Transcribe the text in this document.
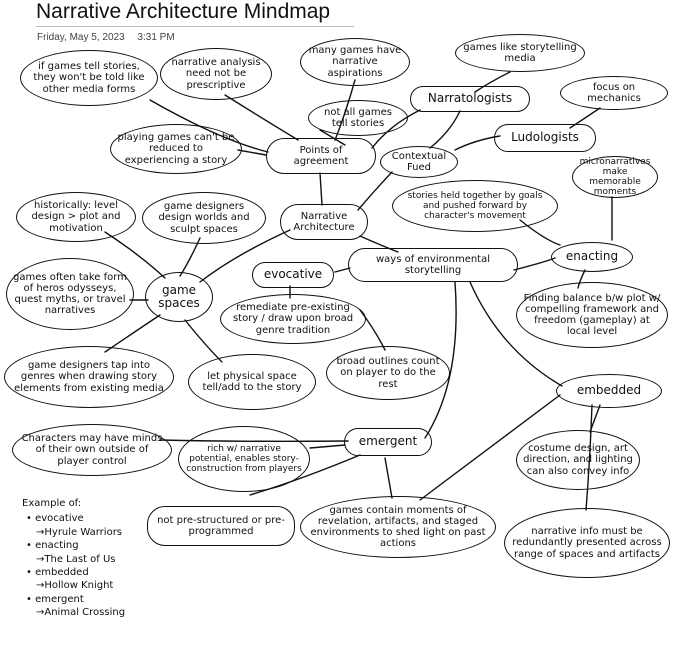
Narrative Architecture Mindmap
Friday, May 5, 2023 3:31 PM
if games tell stories, they won't be told like other media forms
narrative analysis need not be prescriptive
many games have narrative aspirations
not all games tell stories
games like storytelling media
Narratologists
focus on mechanics
Ludologists
playing games can't be reduced to experiencing a story
Points of agreement	Contextual Fued
micronarratives make memorable moments
historically: level design > plot and motivation
game designers design worlds and sculpt spaces
Narrative Architecture
stories held together by goals and pushed forward by character's movement
enacting
games often take form of heros odysseys, quest myths, or travel narratives
game spaces
evocative
ways of environmental storytelling
Finding balance b/w plot w/ compelling framework and freedom (gameplay) at local level
remediate pre-existing story / draw upon broad genre tradition
game designers tap into genres when drawing story elements from existing media
let physical space tell/add to the story
broad outlines count on player to do the rest	embedded
Characters may have minds of their own outside of player control
rich w/ narrative potential, enables story-construction from players
emergent
costume design, art direction, and lighting can also convey info
not pre-structured or pre-programmed
games contain moments of revelation, artifacts, and staged environments to shed light on past actions
narrative info must be redundantly presented across range of spaces and artifacts
Example of:
• evocative
→Hyrule Warriors
• enacting
→The Last of Us
• embedded
→Hollow Knight
• emergent
→Animal Crossing
